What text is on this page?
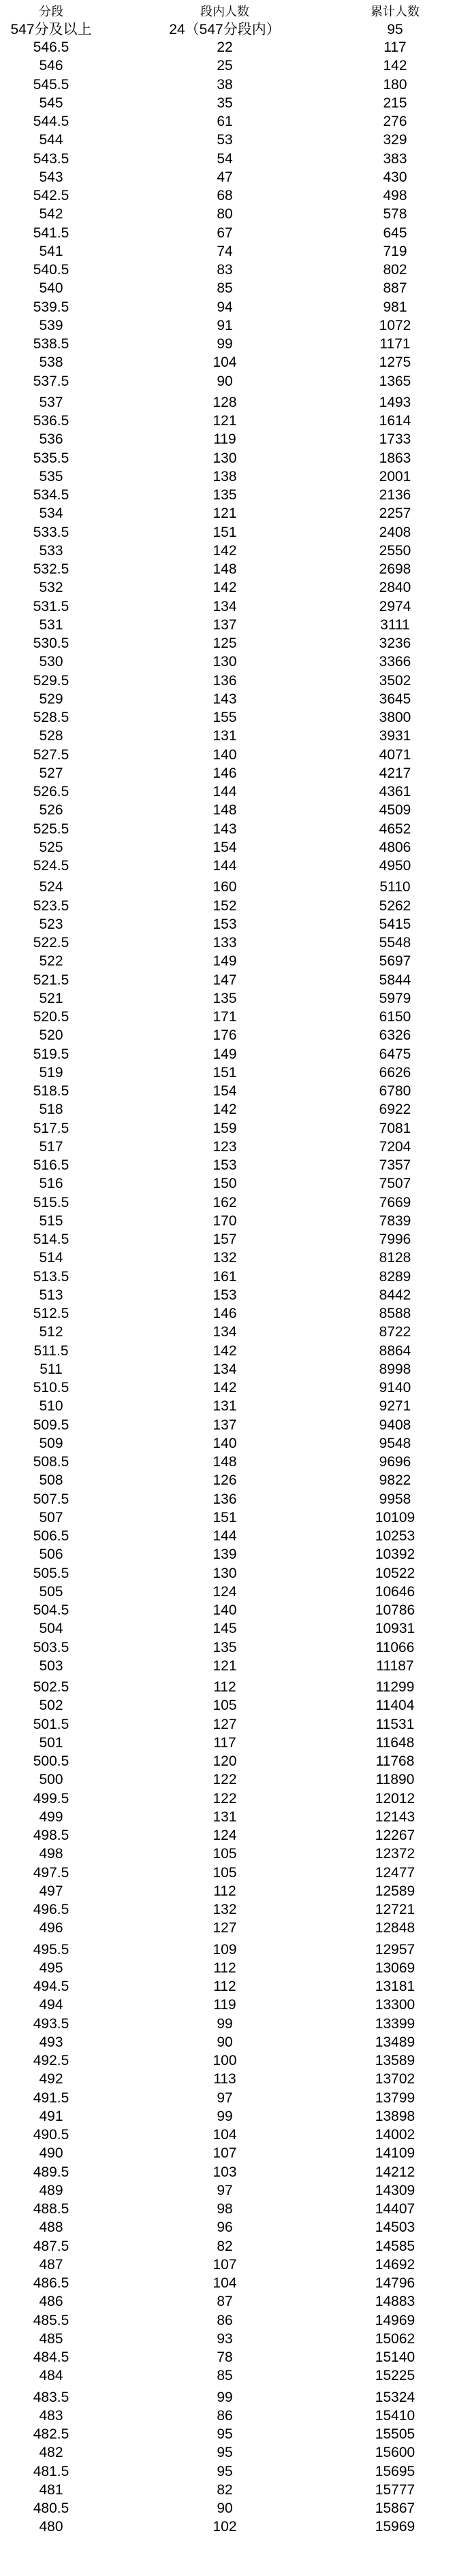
分段	段内人数	累计人数
547分及以上	24（547分段内）	95
546.5	22	117
546	25	142
545.5	38	180
545	35	215
544.5	61	276
544	53	329
543.5	54	383
543	47	430
542.5	68	498
542	80	578
541.5	67	645
541	74	719
540.5	83	802
540	85	887
539.5	94	981
539	91	1072
538.5	99	1171
538	104	1275
537.5	90	1365
537	128	1493
536.5	121	1614
536	119	1733
535.5	130	1863
535	138	2001
534.5	135	2136
534	121	2257
533.5	151	2408
533	142	2550
532.5	148	2698
532	142	2840
531.5	134	2974
531	137	3111
530.5	125	3236
530	130	3366
529.5	136	3502
529	143	3645
528.5	155	3800
528	131	3931
527.5	140	4071
527	146	4217
526.5	144	4361
526	148	4509
525.5	143	4652
525	154	4806
524.5	144	4950
524	160	5110
523.5	152	5262
523	153	5415
522.5	133	5548
522	149	5697
521.5	147	5844
521	135	5979
520.5	171	6150
520	176	6326
519.5	149	6475
519	151	6626
518.5	154	6780
518	142	6922
517.5	159	7081
517	123	7204
516.5	153	7357
516	150	7507
515.5	162	7669
515	170	7839
514.5	157	7996
514	132	8128
513.5	161	8289
513	153	8442
512.5	146	8588
512	134	8722
511.5	142	8864
511	134	8998
510.5	142	9140
510	131	9271
509.5	137	9408
509	140	9548
508.5	148	9696
508	126	9822
507.5	136	9958
507	151	10109
506.5	144	10253
506	139	10392
505.5	130	10522
505	124	10646
504.5	140	10786
504	145	10931
503.5	135	11066
503	121	11187
502.5	112	11299
502	105	11404
501.5	127	11531
501	117	11648
500.5	120	11768
500	122	11890
499.5	122	12012
499	131	12143
498.5	124	12267
498	105	12372
497.5	105	12477
497	112	12589
496.5	132	12721
496	127	12848
495.5	109	12957
495	112	13069
494.5	112	13181
494	119	13300
493.5	99	13399
493	90	13489
492.5	100	13589
492	113	13702
491.5	97	13799
491	99	13898
490.5	104	14002
490	107	14109
489.5	103	14212
489	97	14309
488.5	98	14407
488	96	14503
487.5	82	14585
487	107	14692
486.5	104	14796
486	87	14883
485.5	86	14969
485	93	15062
484.5	78	15140
484	85	15225
483.5	99	15324
483	86	15410
482.5	95	15505
482	95	15600
481.5	95	15695
481	82	15777
480.5	90	15867
480	102	15969
